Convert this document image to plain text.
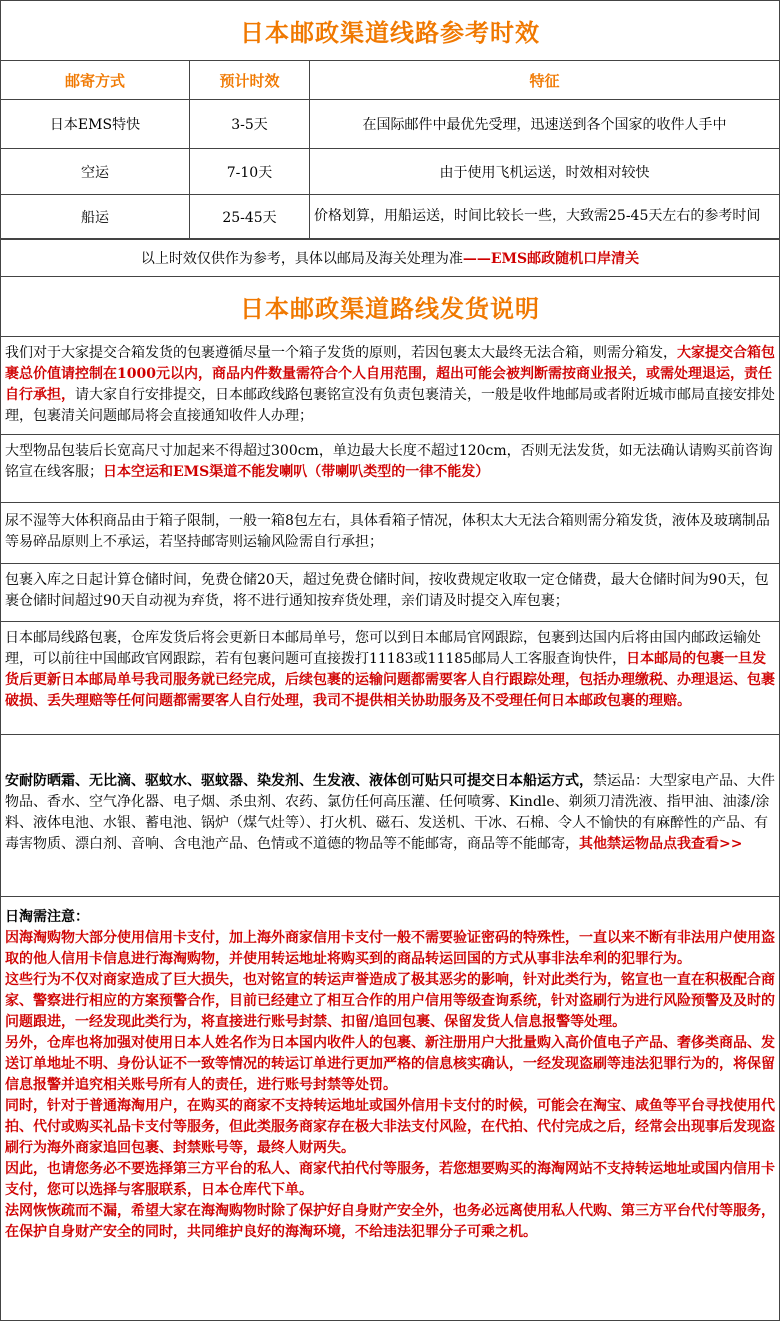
日本邮政渠道线路参考时效
邮寄方式	预计时效	特征
日本EMS特快	3-5天	在国际邮件中最优先受理，迅速送到各个国家的收件人手中
空运	7-10天	由于使用飞机运送，时效相对较快
船运	25-45天	价格划算，用船运送，时间比较长一些，大致需25-45天左右的参考时间
以上时效仅供作为参考，具体以邮局及海关处理为准 ——EMS邮政随机口岸清关
日本邮政渠道路线发货说明
我们对于大家提交合箱发货的包裹遵循尽量一个箱子发货的原则，若因包裹太大最终无法合箱，则需分箱发，大家提交合箱包裹总价值请控制在1000元以内，商品内件数量需符合个人自用范围，超出可能会被判断需按商业报关，或需处理退运，责任自行承担，请大家自行安排提交，日本邮政线路包裹铭宣没有负责包裹清关，一般是收件地邮局或者附近城市邮局直接安排处理，包裹清关问题邮局将会直接通知收件人办理；
大型物品包装后长宽高尺寸加起来不得超过300cm，单边最大长度不超过120cm，否则无法发货，如无法确认请购买前咨询铭宣在线客服；日本空运和EMS渠道不能发喇叭（带喇叭类型的一律不能发）
尿不湿等大体积商品由于箱子限制，一般一箱8包左右，具体看箱子情况，体积太大无法合箱则需分箱发货，液体及玻璃制品等易碎品原则上不承运，若坚持邮寄则运输风险需自行承担；
包裹入库之日起计算仓储时间，免费仓储20天，超过免费仓储时间，按收费规定收取一定仓储费，最大仓储时间为90天，包裹仓储时间超过90天自动视为弃货，将不进行通知按弃货处理，亲们请及时提交入库包裹；
日本邮局线路包裹，仓库发货后将会更新日本邮局单号，您可以到日本邮局官网跟踪，包裹到达国内后将由国内邮政运输处理，可以前往中国邮政官网跟踪，若有包裹问题可直接拨打11183或11185邮局人工客服查询快件，日本邮局的包裹一旦发货后更新日本邮局单号我司服务就已经完成，后续包裹的运输问题都需要客人自行跟踪处理，包括办理缴税、办理退运、包裹破损、丢失理赔等任何问题都需要客人自行处理，我司不提供相关协助服务及不受理任何日本邮政包裹的理赔。
安耐防晒霜、无比滴、驱蚊水、驱蚊器、染发剂、生发液、液体创可贴只可提交日本船运方式，禁运品：大型家电产品、大件物品、香水、空气净化器、电子烟、杀虫剂、农药、氯仿任何高压灌、任何喷雾、Kindle、剃须刀清洗液、指甲油、油漆/涂料、液体电池、水银、蓄电池、锅炉（煤气灶等）、打火机、磁石、发送机、干冰、石棉、令人不愉快的有麻醉性的产品、有毒害物质、漂白剂、音响、含电池产品、色情或不道德的物品等不能邮寄，商品等不能邮寄，其他禁运物品点我查看>>
日淘需注意：
因海淘购物大部分使用信用卡支付，加上海外商家信用卡支付一般不需要验证密码的特殊性，一直以来不断有非法用户使用盗取的他人信用卡信息进行海淘购物，并使用转运地址将购买到的商品转运回国的方式从事非法牟利的犯罪行为。
这些行为不仅对商家造成了巨大损失，也对铭宣的转运声誉造成了极其恶劣的影响，针对此类行为，铭宣也一直在积极配合商家、警察进行相应的方案预警合作，目前已经建立了相互合作的用户信用等级查询系统，针对盗刷行为进行风险预警及及时的问题跟进，一经发现此类行为，将直接进行账号封禁、扣留/追回包裹、保留发货人信息报警等处理。
另外，仓库也将加强对使用日本人姓名作为日本国内收件人的包裹、新注册用户大批量购入高价值电子产品、奢侈类商品、发送订单地址不明、身份认证不一致等情况的转运订单进行更加严格的信息核实确认，一经发现盗刷等违法犯罪行为的，将保留信息报警并追究相关账号所有人的责任，进行账号封禁等处罚。
同时，针对于普通海淘用户，在购买的商家不支持转运地址或国外信用卡支付的时候，可能会在淘宝、咸鱼等平台寻找使用代拍、代付或购买礼品卡支付等服务，但此类服务商家存在极大非法支付风险，在代拍、代付完成之后，经常会出现事后发现盗刷行为海外商家追回包裹、封禁账号等，最终人财两失。
因此，也请您务必不要选择第三方平台的私人、商家代拍代付等服务，若您想要购买的海淘网站不支持转运地址或国内信用卡支付，您可以选择与客服联系，日本仓库代下单。
法网恢恢疏而不漏，希望大家在海淘购物时除了保护好自身财产安全外，也务必远离使用私人代购、第三方平台代付等服务，在保护自身财产安全的同时，共同维护良好的海淘环境，不给违法犯罪分子可乘之机。
